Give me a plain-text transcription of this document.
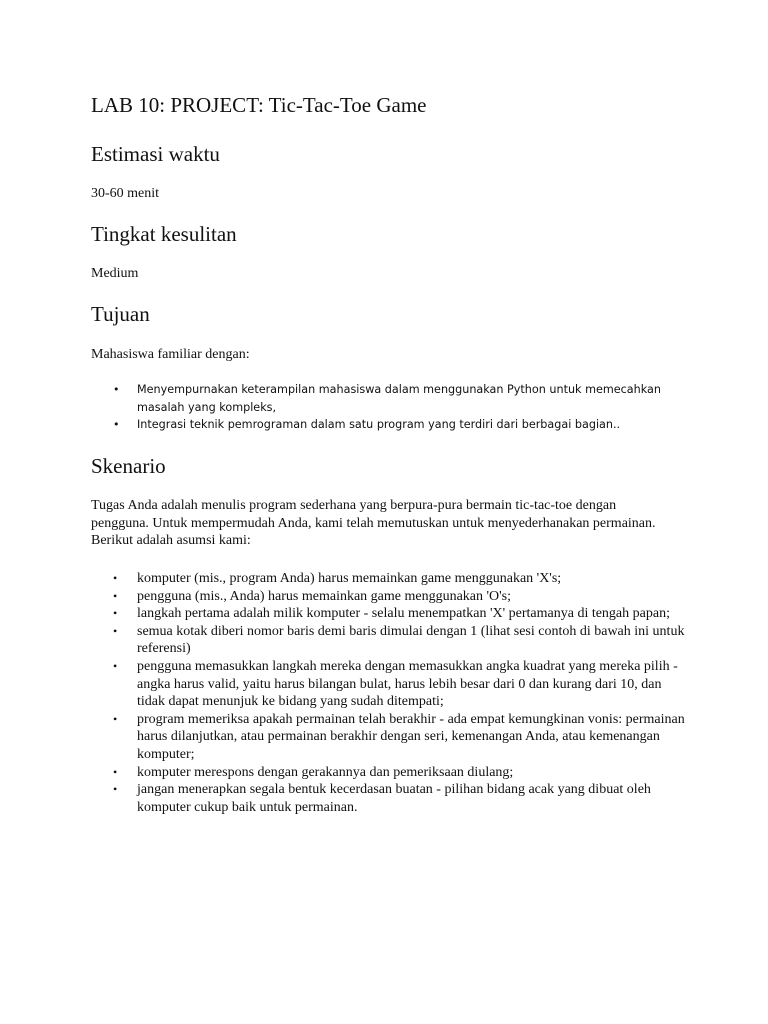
LAB 10: PROJECT: Tic-Tac-Toe Game
Estimasi waktu

30-60 menit

Tingkat kesulitan

Medium

Tujuan

Mahasiswa familiar dengan:

• Menyempurnakan keterampilan mahasiswa dalam menggunakan Python untuk memecahkan masalah yang kompleks,
• Integrasi teknik pemrograman dalam satu program yang terdiri dari berbagai bagian..
Skenario

Tugas Anda adalah menulis program sederhana yang berpura-pura bermain tic-tac-toe dengan pengguna. Untuk mempermudah Anda, kami telah memutuskan untuk menyederhanakan permainan. Berikut adalah asumsi kami:

• komputer (mis., program Anda) harus memainkan game menggunakan 'X's;
• pengguna (mis., Anda) harus memainkan game menggunakan 'O's;
• langkah pertama adalah milik komputer - selalu menempatkan 'X' pertamanya di tengah papan;
• semua kotak diberi nomor baris demi baris dimulai dengan 1 (lihat sesi contoh di bawah ini untuk referensi)
• pengguna memasukkan langkah mereka dengan memasukkan angka kuadrat yang mereka pilih - angka harus valid, yaitu harus bilangan bulat, harus lebih besar dari 0 dan kurang dari 10, dan tidak dapat menunjuk ke bidang yang sudah ditempati;
• program memeriksa apakah permainan telah berakhir - ada empat kemungkinan vonis: permainan harus dilanjutkan, atau permainan berakhir dengan seri, kemenangan Anda, atau kemenangan komputer;
• komputer merespons dengan gerakannya dan pemeriksaan diulang;
• jangan menerapkan segala bentuk kecerdasan buatan - pilihan bidang acak yang dibuat oleh komputer cukup baik untuk permainan.
